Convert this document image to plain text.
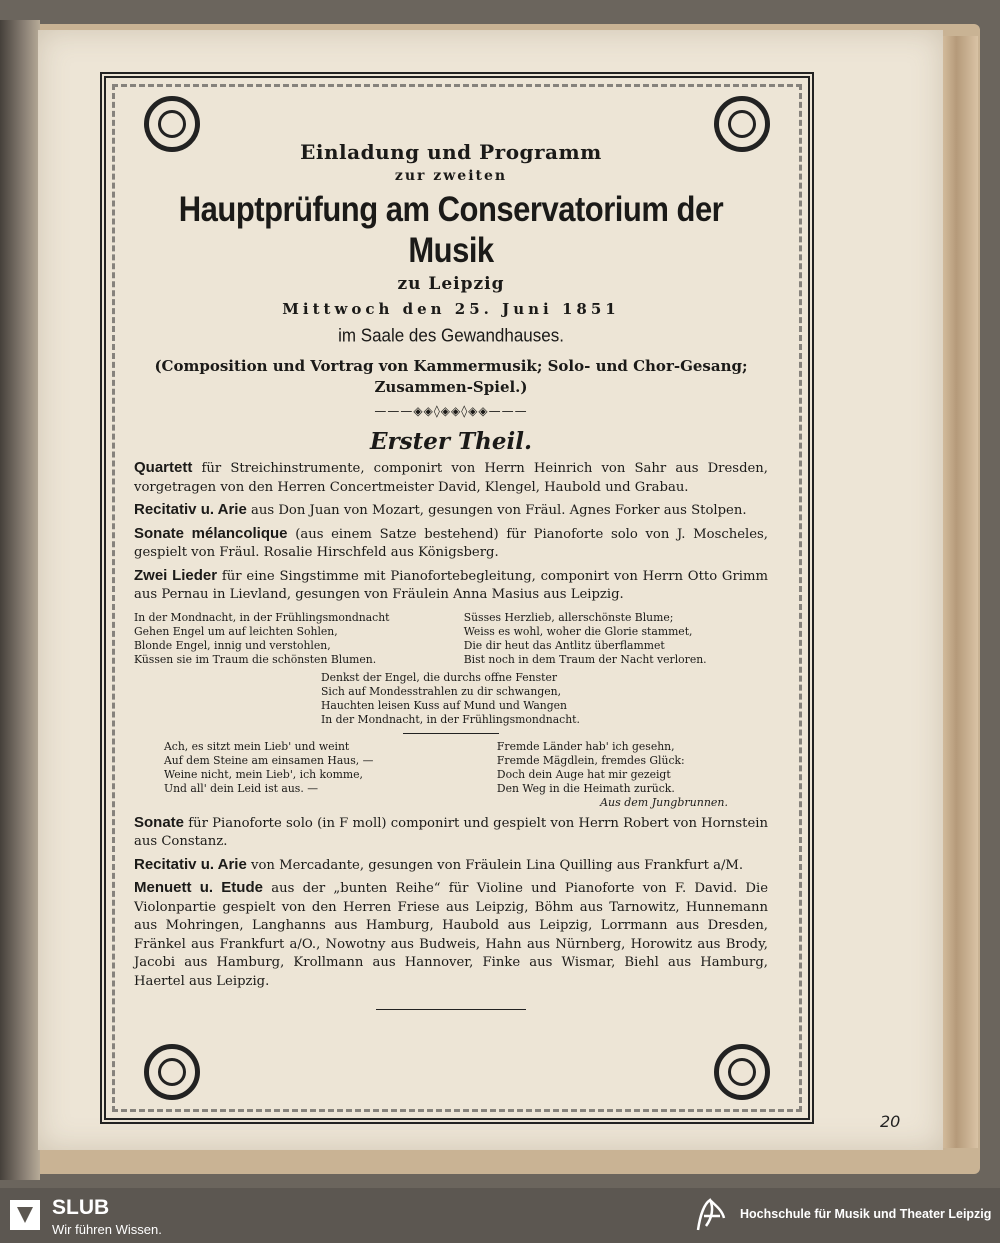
Einladung und Programm
zur zweiten
Hauptprüfung am Conservatorium der Musik
zu Leipzig
Mittwoch den 25. Juni 1851
im Saale des Gewandhauses.
(Composition und Vortrag von Kammermusik; Solo- und Chor-Gesang; Zusammen-Spiel.)
———◈◈◊◈◈◊◈◈———
Erster Theil.
Quartett für Streichinstrumente, componirt von Herrn Heinrich von Sahr aus Dresden, vorgetragen von den Herren Concertmeister David, Klengel, Haubold und Grabau.
Recitativ u. Arie aus Don Juan von Mozart, gesungen von Fräul. Agnes Forker aus Stolpen.
Sonate mélancolique (aus einem Satze bestehend) für Pianoforte solo von J. Moscheles, gespielt von Fräul. Rosalie Hirschfeld aus Königsberg.
Zwei Lieder für eine Singstimme mit Pianofortebegleitung, componirt von Herrn Otto Grimm aus Pernau in Lievland, gesungen von Fräulein Anna Masius aus Leipzig.
In der Mondnacht, in der Frühlingsmondnacht
Gehen Engel um auf leichten Sohlen,
Blonde Engel, innig und verstohlen,
Küssen sie im Traum die schönsten Blumen.
Süsses Herzlieb, allerschönste Blume;
Weiss es wohl, woher die Glorie stammet,
Die dir heut das Antlitz überflammet
Bist noch in dem Traum der Nacht verloren.
Denkst der Engel, die durchs offne Fenster
Sich auf Mondesstrahlen zu dir schwangen,
Hauchten leisen Kuss auf Mund und Wangen
In der Mondnacht, in der Frühlingsmondnacht.
Ach, es sitzt mein Lieb' und weint
Auf dem Steine am einsamen Haus, —
Weine nicht, mein Lieb', ich komme,
Und all' dein Leid ist aus. —
Fremde Länder hab' ich gesehn,
Fremde Mägdlein, fremdes Glück:
Doch dein Auge hat mir gezeigt
Den Weg in die Heimath zurück.
Aus dem Jungbrunnen.
Sonate für Pianoforte solo (in F moll) componirt und gespielt von Herrn Robert von Hornstein aus Constanz.
Recitativ u. Arie von Mercadante, gesungen von Fräulein Lina Quilling aus Frankfurt a/M.
Menuett u. Etude aus der „bunten Reihe“ für Violine und Pianoforte von F. David. Die Violonpartie gespielt von den Herren Friese aus Leipzig, Böhm aus Tarnowitz, Hunnemann aus Mohringen, Langhanns aus Hamburg, Haubold aus Leipzig, Lorrmann aus Dresden, Fränkel aus Frankfurt a/O., Nowotny aus Budweis, Hahn aus Nürnberg, Horowitz aus Brody, Jacobi aus Hamburg, Krollmann aus Hannover, Finke aus Wismar, Biehl aus Hamburg, Haertel aus Leipzig.
20
SLUB
Wir führen Wissen.
Hochschule für Musik und Theater Leipzig
